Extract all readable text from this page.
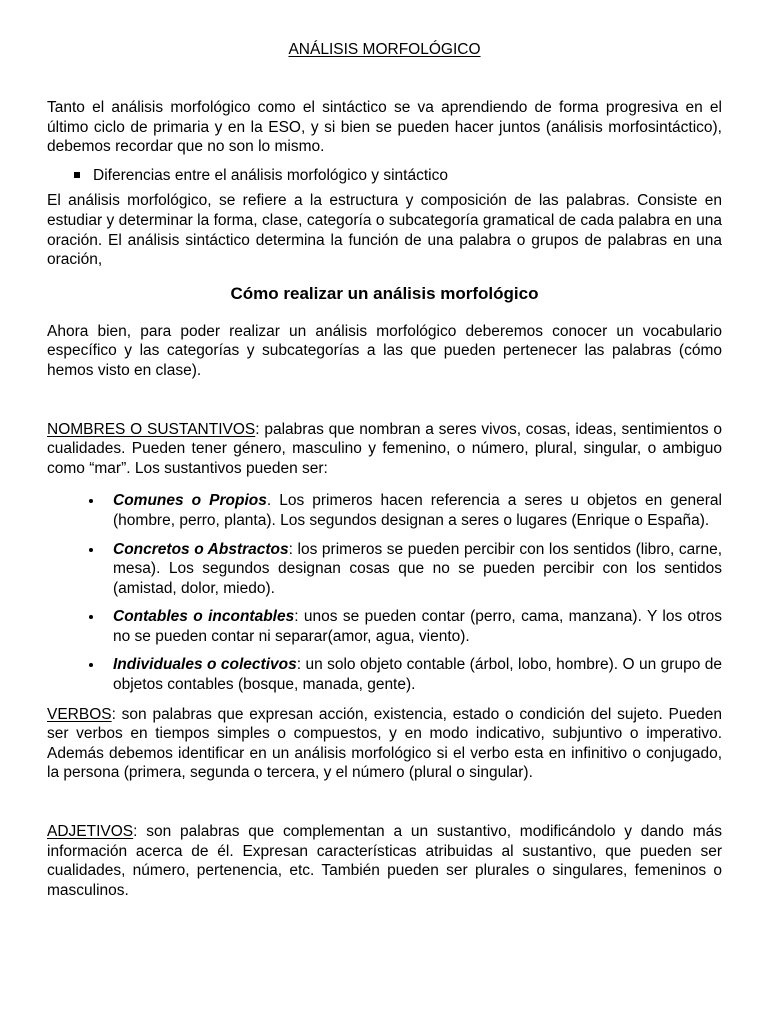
ANÁLISIS MORFOLÓGICO

Tanto el análisis morfológico como el sintáctico se va aprendiendo de forma progresiva en el último ciclo de primaria y en la ESO, y si bien se pueden hacer juntos (análisis morfosintáctico), debemos recordar que no son lo mismo.

Diferencias entre el análisis morfológico y sintáctico

El análisis morfológico, se refiere a la estructura y composición de las palabras. Consiste en estudiar y determinar la forma, clase, categoría o subcategoría gramatical de cada palabra en una oración. El análisis sintáctico determina la función de una palabra o grupos de palabras en una oración,

Cómo realizar un análisis morfológico

Ahora bien, para poder realizar un análisis morfológico deberemos conocer un vocabulario específico y las categorías y subcategorías a las que pueden pertenecer las palabras (cómo hemos visto en clase).

NOMBRES O SUSTANTIVOS: palabras que nombran a seres vivos, cosas, ideas, sentimientos o cualidades. Pueden tener género, masculino y femenino, o número, plural, singular, o ambiguo como “mar”. Los sustantivos pueden ser:

Comunes o Propios. Los primeros hacen referencia a seres u objetos en general (hombre, perro, planta). Los segundos designan a seres o lugares (Enrique o España).
Concretos o Abstractos: los primeros se pueden percibir con los sentidos (libro, carne, mesa). Los segundos designan cosas que no se pueden percibir con los sentidos (amistad, dolor, miedo).
Contables o incontables: unos se pueden contar (perro, cama, manzana). Y los otros no se pueden contar ni separar(amor, agua, viento).
Individuales o colectivos: un solo objeto contable (árbol, lobo, hombre). O un grupo de objetos contables (bosque, manada, gente).

VERBOS: son palabras que expresan acción, existencia, estado o condición del sujeto. Pueden ser verbos en tiempos simples o compuestos, y en modo indicativo, subjuntivo o imperativo. Además debemos identificar en un análisis morfológico si el verbo esta en infinitivo o conjugado, la persona (primera, segunda o tercera, y el número (plural o singular).

ADJETIVOS: son palabras que complementan a un sustantivo, modificándolo y dando más información acerca de él. Expresan características atribuidas al sustantivo, que pueden ser cualidades, número, pertenencia, etc. También pueden ser plurales o singulares, femeninos o masculinos.
